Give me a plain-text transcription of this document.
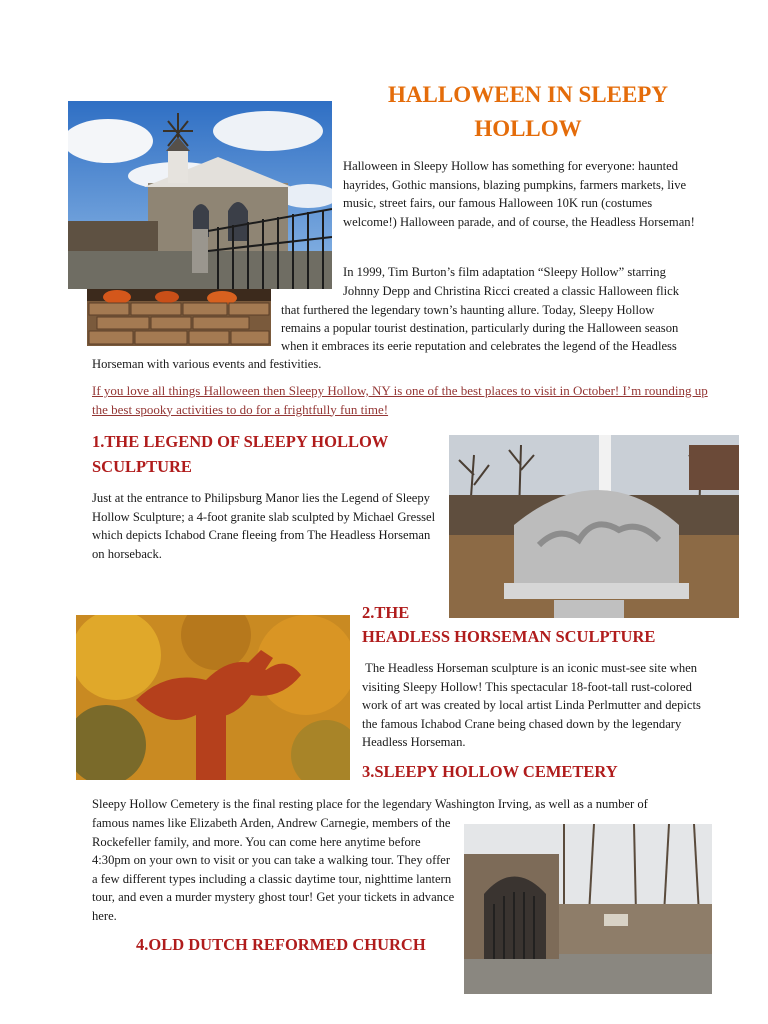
HALLOWEEN IN SLEEPY HOLLOW
Halloween in Sleepy Hollow has something for everyone: haunted hayrides, Gothic mansions, blazing pumpkins, farmers markets, live music, street fairs, our famous Halloween 10K run (costumes welcome!) Halloween parade, and of course, the Headless Horseman!
In 1999, Tim Burton’s film adaptation “Sleepy Hollow” starring
Johnny Depp and Christina Ricci created a classic Halloween flick
that furthered the legendary town’s haunting allure. Today, Sleepy Hollow
remains a popular tourist destination, particularly during the Halloween season
when it embraces its eerie reputation and celebrates the legend of the Headless
Horseman with various events and festivities.
If you love all things Halloween then Sleepy Hollow, NY is one of the best places to visit in October! I’m rounding up the best spooky activities to do for a frightfully fun time!
1.THE LEGEND OF SLEEPY HOLLOW SCULPTURE
Just at the entrance to Philipsburg Manor lies the Legend of Sleepy Hollow Sculpture; a 4-foot granite slab sculpted by Michael Gressel which depicts Ichabod Crane fleeing from The Headless Horseman on horseback.
2.THE
HEADLESS HORSEMAN SCULPTURE
The Headless Horseman sculpture is an iconic must-see site when visiting Sleepy Hollow! This spectacular 18-foot-tall rust-colored work of art was created by local artist Linda Perlmutter and depicts the famous Ichabod Crane being chased down by the legendary Headless Horseman.
3.SLEEPY HOLLOW CEMETERY
Sleepy Hollow Cemetery is the final resting place for the legendary Washington Irving, as well as a number of
famous names like Elizabeth Arden, Andrew Carnegie, members of the Rockefeller family, and more. You can come here anytime before 4:30pm on your own to visit or you can take a walking tour. They offer a few different types including a classic daytime tour, nighttime lantern tour, and even a murder mystery ghost tour! Get your tickets in advance here.
4.OLD DUTCH REFORMED CHURCH
